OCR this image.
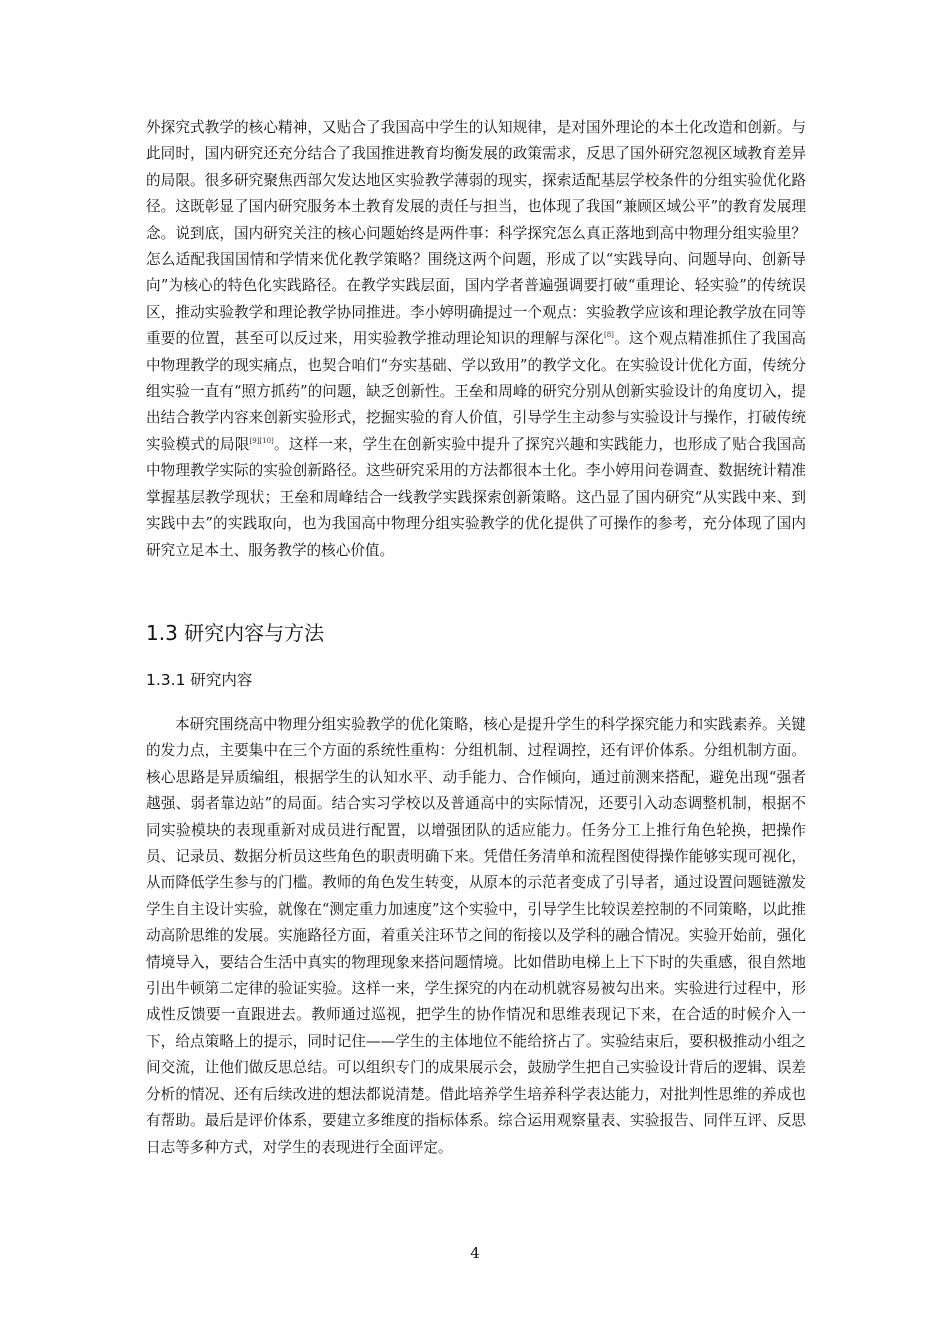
外探究式教学的核心精神，又贴合了我国高中学生的认知规律，是对国外理论的本土化改造和创新。与此同时，国内研究还充分结合了我国推进教育均衡发展的政策需求，反思了国外研究忽视区域教育差异的局限。很多研究聚焦西部欠发达地区实验教学薄弱的现实，探索适配基层学校条件的分组实验优化路径。这既彰显了国内研究服务本土教育发展的责任与担当，也体现了我国“兼顾区域公平”的教育发展理念。说到底，国内研究关注的核心问题始终是两件事：科学探究怎么真正落地到高中物理分组实验里？怎么适配我国国情和学情来优化教学策略？围绕这两个问题，形成了以“实践导向、问题导向、创新导向”为核心的特色化实践路径。在教学实践层面，国内学者普遍强调要打破“重理论、轻实验”的传统误区，推动实验教学和理论教学协同推进。李小婷明确提过一个观点：实验教学应该和理论教学放在同等重要的位置，甚至可以反过来，用实验教学推动理论知识的理解与深化[8]。这个观点精准抓住了我国高中物理教学的现实痛点，也契合咱们“夯实基础、学以致用”的教学文化。在实验设计优化方面，传统分组实验一直有“照方抓药”的问题，缺乏创新性。王垒和周峰的研究分别从创新实验设计的角度切入，提出结合教学内容来创新实验形式，挖掘实验的育人价值，引导学生主动参与实验设计与操作，打破传统实验模式的局限[9][10]。这样一来，学生在创新实验中提升了探究兴趣和实践能力，也形成了贴合我国高中物理教学实际的实验创新路径。这些研究采用的方法都很本土化。李小婷用问卷调查、数据统计精准掌握基层教学现状；王垒和周峰结合一线教学实践探索创新策略。这凸显了国内研究“从实践中来、到实践中去”的实践取向，也为我国高中物理分组实验教学的优化提供了可操作的参考，充分体现了国内研究立足本土、服务教学的核心价值。

1.3 研究内容与方法
1.3.1 研究内容

本研究围绕高中物理分组实验教学的优化策略，核心是提升学生的科学探究能力和实践素养。关键的发力点，主要集中在三个方面的系统性重构：分组机制、过程调控，还有评价体系。分组机制方面。核心思路是异质编组，根据学生的认知水平、动手能力、合作倾向，通过前测来搭配，避免出现“强者越强、弱者靠边站”的局面。结合实习学校以及普通高中的实际情况，还要引入动态调整机制，根据不同实验模块的表现重新对成员进行配置，以增强团队的适应能力。任务分工上推行角色轮换，把操作员、记录员、数据分析员这些角色的职责明确下来。凭借任务清单和流程图使得操作能够实现可视化，从而降低学生参与的门槛。教师的角色发生转变，从原本的示范者变成了引导者，通过设置问题链激发学生自主设计实验，就像在“测定重力加速度”这个实验中，引导学生比较误差控制的不同策略，以此推动高阶思维的发展。实施路径方面，着重关注环节之间的衔接以及学科的融合情况。实验开始前，强化情境导入，要结合生活中真实的物理现象来搭问题情境。比如借助电梯上上下下时的失重感，很自然地引出牛顿第二定律的验证实验。这样一来，学生探究的内在动机就容易被勾出来。实验进行过程中，形成性反馈要一直跟进去。教师通过巡视，把学生的协作情况和思维表现记下来，在合适的时候介入一下，给点策略上的提示，同时记住——学生的主体地位不能给挤占了。实验结束后，要积极推动小组之间交流，让他们做反思总结。可以组织专门的成果展示会，鼓励学生把自己实验设计背后的逻辑、误差分析的情况、还有后续改进的想法都说清楚。借此培养学生培养科学表达能力，对批判性思维的养成也有帮助。最后是评价体系，要建立多维度的指标体系。综合运用观察量表、实验报告、同伴互评、反思日志等多种方式，对学生的表现进行全面评定。

4
